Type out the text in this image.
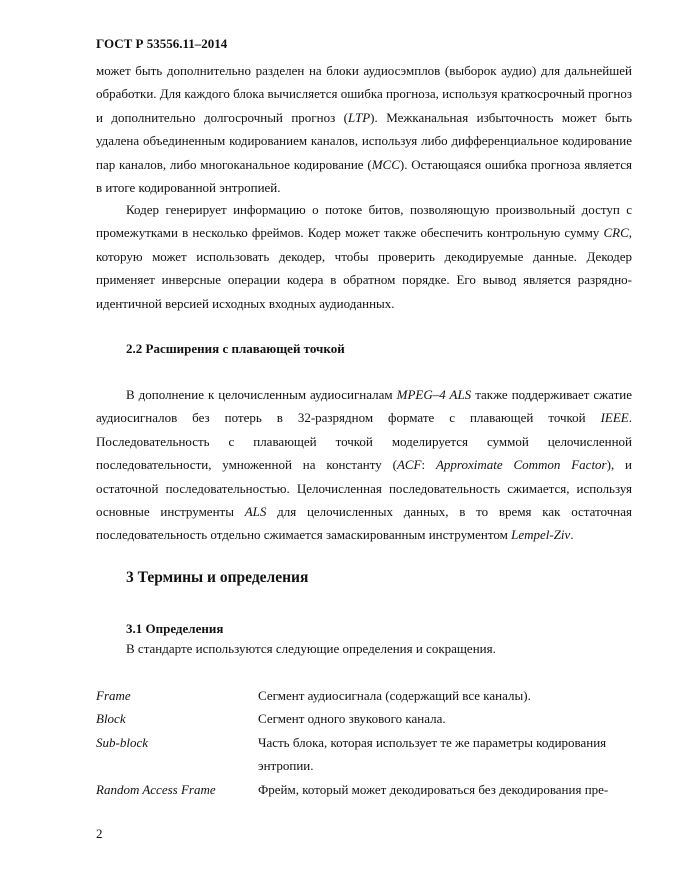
ГОСТ Р 53556.11–2014

может быть дополнительно разделен на блоки аудиосэмплов (выборок аудио) для дальнейшей обработки. Для каждого блока вычисляется ошибка прогноза, используя краткосрочный прогноз и дополнительно долгосрочный прогноз (LTP). Межканальная избыточность может быть удалена объединенным кодированием каналов, используя либо дифференциальное кодирование пар каналов, либо многоканальное кодирование (MCC). Остающаяся ошибка прогноза является в итоге кодированной энтропией.

Кодер генерирует информацию о потоке битов, позволяющую произвольный доступ с промежутками в несколько фреймов. Кодер может также обеспечить контрольную сумму CRC, которую может использовать декодер, чтобы проверить декодируемые данные. Декодер применяет инверсные операции кодера в обратном порядке. Его вывод является разрядно-идентичной версией исходных входных аудиоданных.

2.2 Расширения с плавающей точкой

В дополнение к целочисленным аудиосигналам MPEG–4 ALS также поддерживает сжатие аудиосигналов без потерь в 32-разрядном формате с плавающей точкой IEEE. Последовательность с плавающей точкой моделируется суммой целочисленной последовательности, умноженной на константу (ACF: Approximate Common Factor), и остаточной последовательностью. Целочисленная последовательность сжимается, используя основные инструменты ALS для целочисленных данных, в то время как остаточная последовательность отдельно сжимается замаскированным инструментом Lempel-Ziv.

3 Термины и определения
3.1 Определения
В стандарте используются следующие определения и сокращения.
Frame	Сегмент аудиосигнала (содержащий все каналы).
Block	Сегмент одного звукового канала.
Sub-block	Часть блока, которая использует те же параметры кодирования энтропии.
Random Access Frame	Фрейм, который может декодироваться без декодирования пре-
2
